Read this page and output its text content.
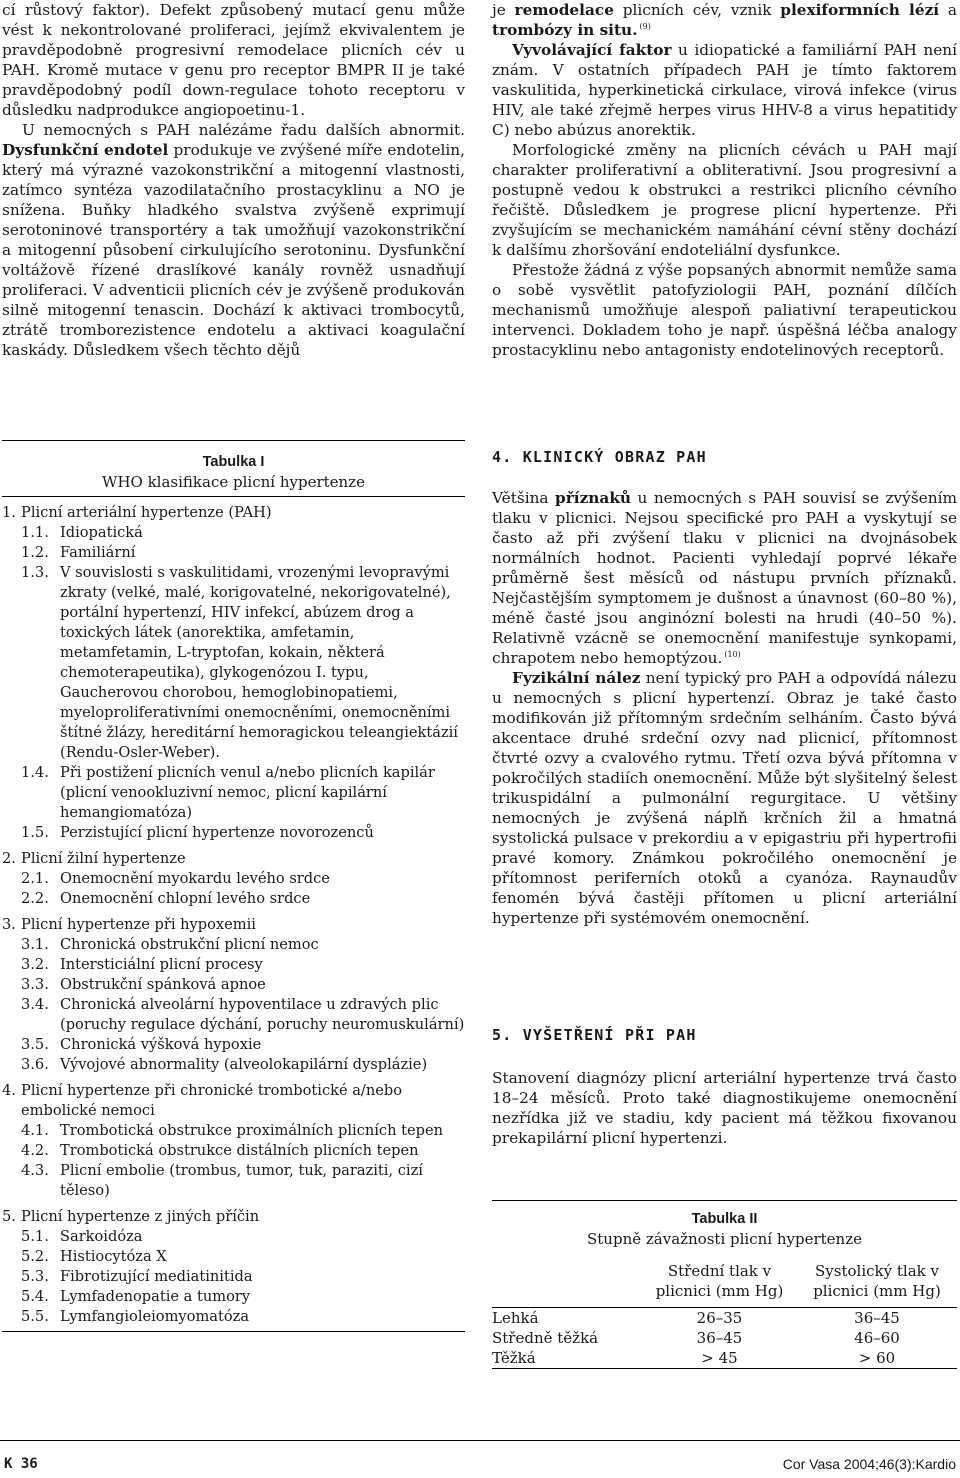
cí růstový faktor). Defekt způsobený mutací genu může vést k nekontrolované proliferaci, jejímž ekvivalentem je pravděpodobně progresivní remodelace plicních cév u PAH. Kromě mutace v genu pro receptor BMPR II je také pravděpodobný podíl down-regulace tohoto receptoru v důsledku nadprodukce angiopoetinu-1.

U nemocných s PAH nalézáme řadu dalších abnormit. Dysfunkční endotel produkuje ve zvýšené míře endotelin, který má výrazné vazokonstrikční a mitogenní vlastnosti, zatímco syntéza vazodilatačního prostacyklinu a NO je snížena. Buňky hladkého svalstva zvýšeně exprimují serotoninové transportéry a tak umožňují vazokonstrikční a mitogenní působení cirkulujícího serotoninu. Dysfunkční voltážově řízené draslíkové kanály rovněž usnadňují proliferaci. V adventicii plicních cév je zvýšeně produkován silně mitogenní tenascin. Dochází k aktivaci trombocytů, ztrátě tromborezistence endotelu a aktivaci koagulační kaskády. Důsledkem všech těchto dějů

Tabulka I
WHO klasifikace plicní hypertenze
1. Plicní arteriální hypertenze (PAH)
1.1. Idiopatická
1.2. Familiární
1.3. V souvislosti s vaskulitidami, vrozenými levopravými zkraty (velké, malé, korigovatelné, nekorigovatelné), portální hypertenzí, HIV infekcí, abúzem drog a toxických látek (anorektika, amfetamin, metamfetamin, L-tryptofan, kokain, některá chemoterapeutika), glykogenózou I. typu, Gaucherovou chorobou, hemoglobinopatiemi, myeloproliferativními onemocněními, onemocněními štítné žlázy, hereditární hemoragickou teleangiektázií (Rendu-Osler-Weber).
1.4. Při postižení plicních venul a/nebo plicních kapilár (plicní venookluzivní nemoc, plicní kapilární hemangiomatóza)
1.5. Perzistující plicní hypertenze novorozenců
2. Plicní žilní hypertenze
2.1. Onemocnění myokardu levého srdce
2.2. Onemocnění chlopní levého srdce
3. Plicní hypertenze při hypoxemii
3.1. Chronická obstrukční plicní nemoc
3.2. Intersticiální plicní procesy
3.3. Obstrukční spánková apnoe
3.4. Chronická alveolární hypoventilace u zdravých plic (poruchy regulace dýchání, poruchy neuromuskulární)
3.5. Chronická výšková hypoxie
3.6. Vývojové abnormality (alveolokapilární dysplázie)
4. Plicní hypertenze při chronické trombotické a/nebo embolické nemoci
4.1. Trombotická obstrukce proximálních plicních tepen
4.2. Trombotická obstrukce distálních plicních tepen
4.3. Plicní embolie (trombus, tumor, tuk, paraziti, cizí těleso)
5. Plicní hypertenze z jiných příčin
5.1. Sarkoidóza
5.2. Histiocytóza X
5.3. Fibrotizující mediatinitida
5.4. Lymfadenopatie a tumory
5.5. Lymfangioleiomyomatóza

je remodelace plicních cév, vznik plexiformních lézí a trombózy in situ. $^{(9)}$

Vyvolávající faktor u idiopatické a familiární PAH není znám. V ostatních případech PAH je tímto faktorem vaskulitida, hyperkinetická cirkulace, virová infekce (virus HIV, ale také zřejmě herpes virus HHV-8 a virus hepatitidy C) nebo abúzus anorektik.

Morfologické změny na plicních cévách u PAH mají charakter proliferativní a obliterativní. Jsou progresivní a postupně vedou k obstrukci a restrikci plicního cévního řečiště. Důsledkem je progrese plicní hypertenze. Při zvyšujícím se mechanickém namáhání cévní stěny dochází k dalšímu zhoršování endoteliální dysfunkce.

Přestože žádná z výše popsaných abnormit nemůže sama o sobě vysvětlit patofyziologii PAH, poznání dílčích mechanismů umožňuje alespoň paliativní terapeutickou intervenci. Dokladem toho je např. úspěšná léčba analogy prostacyklinu nebo antagonisty endotelinových receptorů.

4. KLINICKÝ OBRAZ PAH

Většina příznaků u nemocných s PAH souvisí se zvýšením tlaku v plicnici. Nejsou specifické pro PAH a vyskytují se často až při zvýšení tlaku v plicnici na dvojnásobek normálních hodnot. Pacienti vyhledají poprvé lékaře průměrně šest měsíců od nástupu prvních příznaků. Nejčastějším symptomem je dušnost a únavnost (60–80 %), méně časté jsou anginózní bolesti na hrudi (40–50 %). Relativně vzácně se onemocnění manifestuje synkopami, chrapotem nebo hemoptýzou. $^{(10)}$

Fyzikální nález není typický pro PAH a odpovídá nálezu u nemocných s plicní hypertenzí. Obraz je také často modifikován již přítomným srdečním selháním. Často bývá akcentace druhé srdeční ozvy nad plicnicí, přítomnost čtvrté ozvy a cvalového rytmu. Třetí ozva bývá přítomna v pokročilých stadiích onemocnění. Může být slyšitelný šelest trikuspidální a pulmonální regurgitace. U většiny nemocných je zvýšená náplň krčních žil a hmatná systolická pulsace v prekordiu a v epigastriu při hypertrofii pravé komory. Známkou pokročilého onemocnění je přítomnost periferních otoků a cyanóza. Raynaudův fenomén bývá častěji přítomen u plicní arteriální hypertenze při systémovém onemocnění.

5. VYŠETŘENÍ PŘI PAH

Stanovení diagnózy plicní arteriální hypertenze trvá často 18–24 měsíců. Proto také diagnostikujeme onemocnění nezřídka již ve stadiu, kdy pacient má těžkou fixovanou prekapilární plicní hypertenzi.

Tabulka II
Stupně závažnosti plicní hypertenze
	Střední tlak v plicnici (mm Hg)	Systolický tlak v plicnici (mm Hg)
Lehká	26–35	36–45
Středně těžká	36–45	46–60
Těžká	> 45	> 60
K 36	Cor Vasa 2004;46(3):Kardio
